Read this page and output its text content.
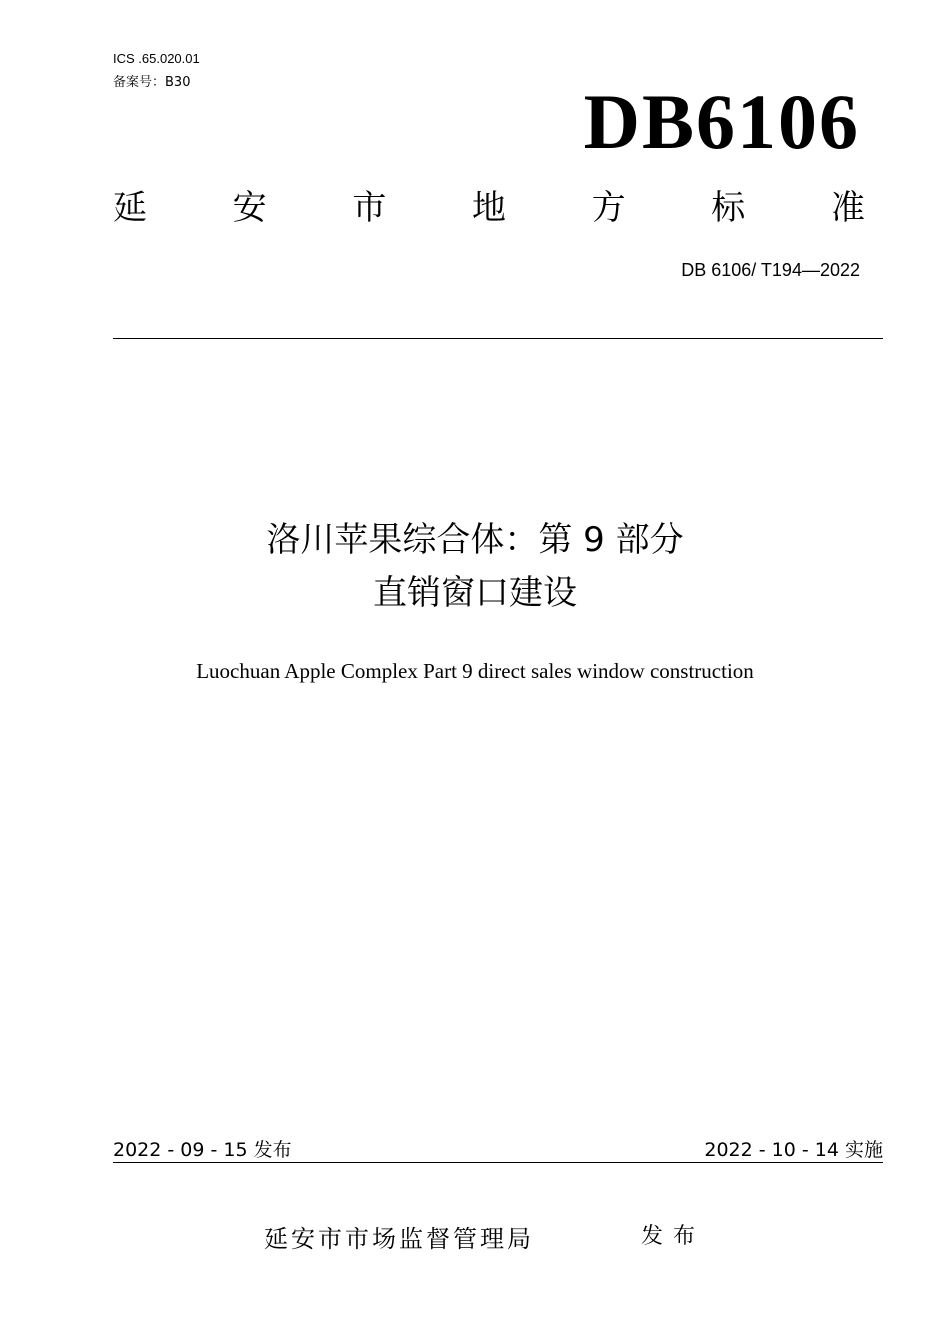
ICS .65.020.01
备案号：B30	DB6106
延	安	市	地	方	标	准
DB 6106/ T194—2022
洛川苹果综合体：第 9 部分
直销窗口建设
Luochuan Apple Complex Part 9 direct sales window construction
2022 - 09 - 15 发布	2022 - 10 - 14 实施
延安市市场监督管理局	发布
